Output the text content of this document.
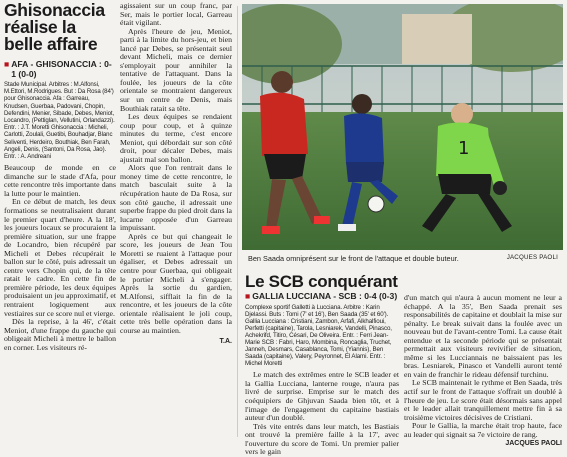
Ghisonaccia réalise la belle affaire
■ AFA - GHISONACCIA : 0-1 (0-0)
Stade Municipal. Arbitres : M.Alfonsi, M.Ettori, M.Rodrigues. But : Da Rosa (84') pour Ghisonaccia. Afa : Garreau, Knudsen, Guerbaa, Padovani, Chopin, Defendini, Menier, Sibade, Debes, Meniot, Locandro, (Pettiglan, Vellutini, Orlandazzi). Entr. : J.T. Moretti Ghisonaccia : Micheli, Carlotti, Zoulali, Guetibi, Bouhadjar, Blanc Seliventi, Herdeiro, Bouthiak, Ben Farah, Angeli, Denis, (Santoni, Da Rosa, Jao). Entr. : A. Andreani

Beaucoup de monde en ce dimanche sur le stade d'Afa, pour cette rencontre très importante dans la lutte pour le maintien.

En ce début de match, les deux formations se neutralisaient durant le premier quart d'heure. A la 18', les joueurs locaux se procuraient la première situation, sur une frappe de Locandro, bien récupéré par Micheli et Debes récupérait le ballon sur le côté, puis adressait un centre vers Chopin qui, de la tête ratait le cadre. En cette fin de première période, les deux équipes produisaient un jeu approximatif, et rentraient logiquement aux vestiaires sur ce score nul et vierge.

Dès la reprise, à la 46', c'était Meniot, d'une frappe du gauche qui obligeait Micheli à mettre le ballon en corner. Les visiteurs ré-

agissaient sur un coup franc, par Ser, mais le portier local, Garreau était vigilant.

Après l'heure de jeu, Meniot, parti à la limite du hors-jeu, et bien lancé par Debes, se présentait seul devant Micheli, mais ce dernier s'employait pour annihiler la tentative de l'attaquant. Dans la foulée, les joueurs de la côte orientale se montraient dangereux sur un centre de Denis, mais Bouthiak ratait sa tête.

Les deux équipes se rendaient coup pour coup, et à quinze minutes du terme, c'est encore Meniot, qui débordait sur son côté droit, pour décaler Debes, mais ajustait mal son ballon.

Alors que l'on rentrait dans le money time de cette rencontre, le match basculait suite à la récupération haute de Da Rosa, sur son côté gauche, il adressait une superbe frappe du pied droit dans la lucarne opposée d'un Garreau impuissant.

Après ce but qui changeait le score, les joueurs de Jean Tou Moretti se ruaient à l'attaque pour égaliser, et Debes adressait un centre pour Guerbaa, qui obligeait le portier Micheli à s'engager. Après la sortie du gardien, M.Alfonsi, sifflait la fin de la rencontre, et les joueurs de la côte orientale réalisaient le joli coup, cette très belle opération dans la course au maintien.

T.A.
1
Ben Saada omniprésent sur le front de l'attaque et double buteur.	JACQUES PAOLI
Le SCB conquérant
■ GALLIA LUCCIANA - SCB : 0-4 (0-3)
Complexe sportif Galletti à Lucciana. Arbitre : Karin Djelassi. Buts : Tomi (7' et 16'), Ben Saada (35' et 60'). Gallia Lucciana : Cristiani, Zambon, Arfafi, Alkhalfioui, Perfetti (capitaine), Tarola, Lesniarek, Vandelli, Pinasco, Achekrifd, Titiro, Césari, De Oliveira. Entr. : Ferri Jean-Marie SCB : Fabri, Haro, Mombina, Roncaglia, Truchet, Janneh, Desmars, Casablanca, Tomi, (Yiannis), Ben Saada (capitaine), Valery, Peyronnet, El Alami. Entr. : Michel Moretti

Le match des extrêmes entre le SCB leader et la Gallia Lucciana, lanterne rouge, n'aura pas livré de surprise. Emprise sur le match des coéquipiers de Ghjuvan Saada bien tôt, et à l'image de l'engagement du capitaine bastiais auteur d'un doublé.

Très vite entrés dans leur match, les Bastiais ont trouvé la première faille à la 17', avec l'ouverture du score de Tomi. Un premier palier vers le gain

d'un match qui n'aura à aucun moment ne leur a échappé. A la 35', Ben Saada prenait ses responsabilités de capitaine et doublait la mise sur pénalty. Le break suivait dans la foulée avec un nouveau but de l'avant-centre Tomi. La cause était entendue et la seconde période qui se présentait permettait aux visiteurs revivifier de situation, même si les Lucciannais ne baissaient pas les bras. Lesniarek, Pinasco et Vandelli auront tenté en vain de franchir le rideau défensif turchinu.

Le SCB maintenait le rythme et Ben Saada, très actif sur le front de l'attaque s'offrait un doublé à l'heure de jeu. Le score était désormais sans appel et le leader allait tranquillement mettre fin à sa troisième victoires décisives de Cristiani.

Pour le Gallia, la marche était trop haute, face au leader qui signait sa 7e victoire de rang.

JACQUES PAOLI
